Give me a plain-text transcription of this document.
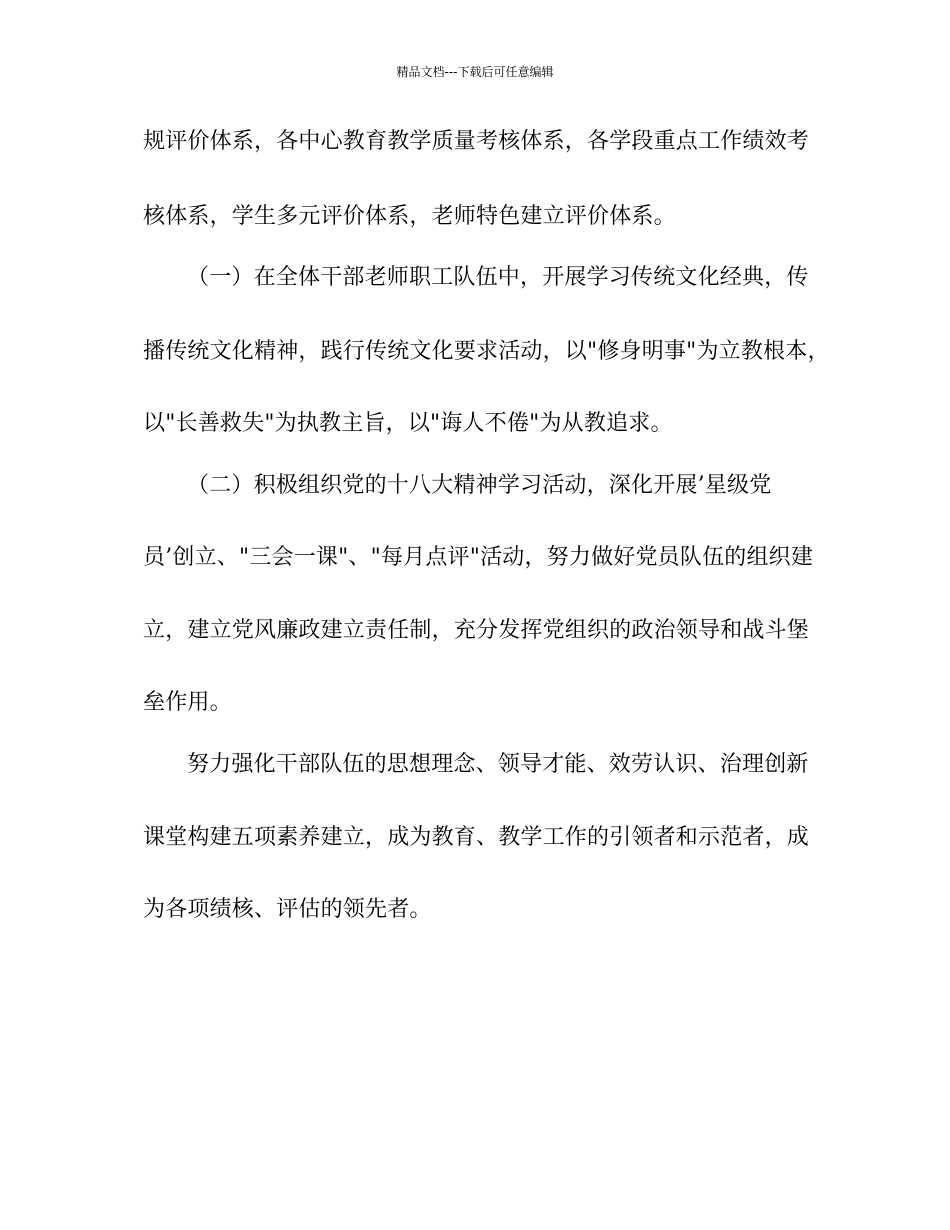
精品文档---下载后可任意编辑
规评价体系，各中心教育教学质量考核体系，各学段重点工作绩效考
核体系，学生多元评价体系，老师特色建立评价体系。
（一）在全体干部老师职工队伍中，开展学习传统文化经典，传
播传统文化精神，践行传统文化要求活动，以"修身明事"为立教根本，
以"长善救失"为执教主旨，以"诲人不倦"为从教追求。
（二）积极组织党的十八大精神学习活动，深化开展’星级党
员’创立、"三会一课"、"每月点评"活动，努力做好党员队伍的组织建
立，建立党风廉政建立责任制，充分发挥党组织的政治领导和战斗堡
垒作用。
努力强化干部队伍的思想理念、领导才能、效劳认识、治理创新
课堂构建五项素养建立，成为教育、教学工作的引领者和示范者，成
为各项绩核、评估的领先者。
